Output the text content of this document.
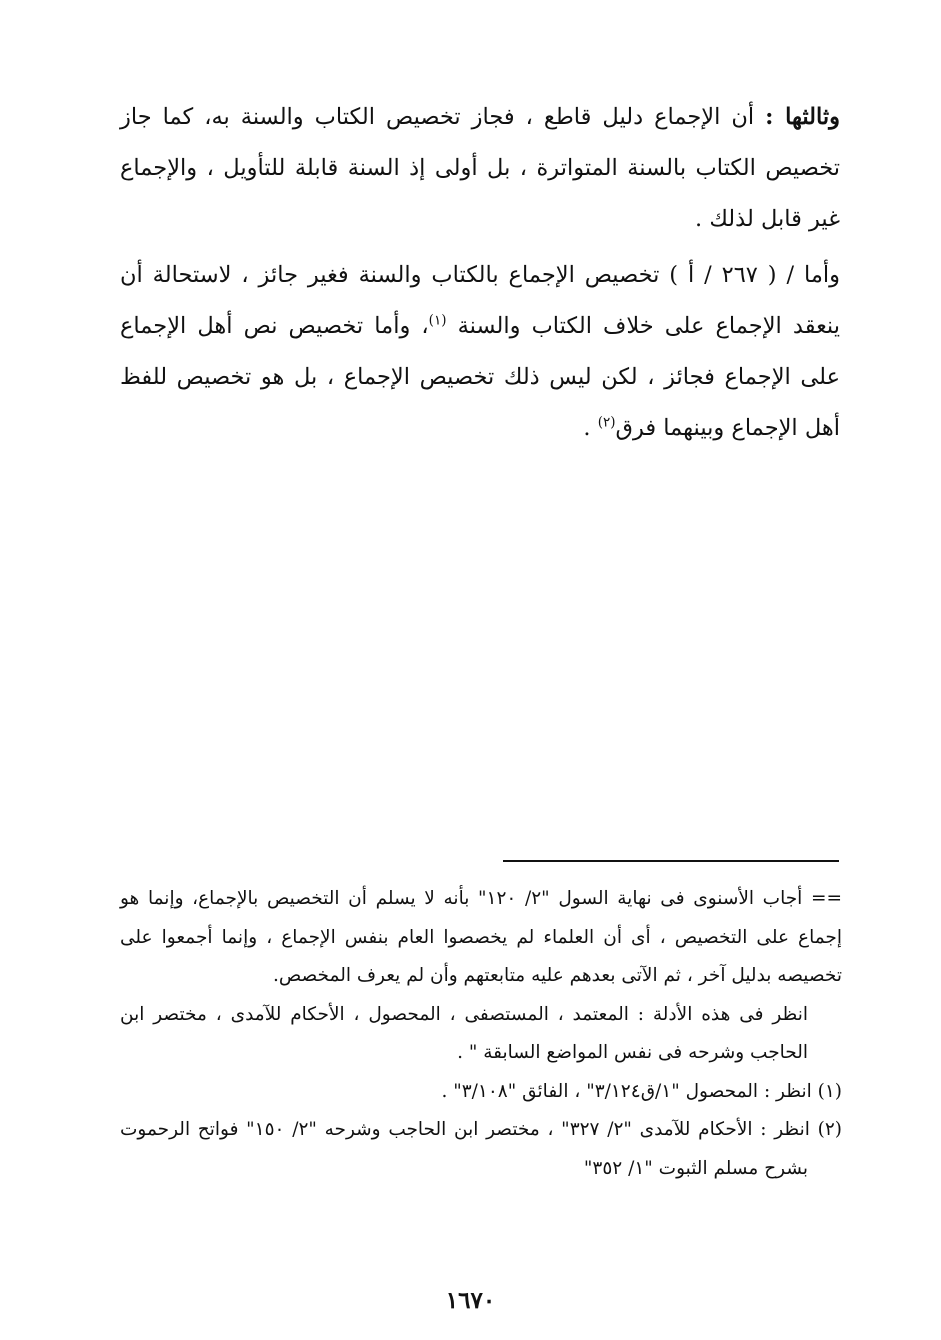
وثالثها : أن الإجماع دليل قاطع ، فجاز تخصيص الكتاب والسنة به، كما جاز تخصيص الكتاب بالسنة المتواترة ، بل أولى إذ السنة قابلة للتأويل ، والإجماع غير قابل لذلك .

وأما / ( ٢٦٧ / أ ) تخصيص الإجماع بالكتاب والسنة فغير جائز ، لاستحالة أن ينعقد الإجماع على خلاف الكتاب والسنة $^{(١)}$، وأما تخصيص نص أهل الإجماع على الإجماع فجائز ، لكن ليس ذلك تخصيص الإجماع ، بل هو تخصيص للفظ أهل الإجماع وبينهما فرق$^{(٢)}$ .

== أجاب الأسنوى فى نهاية السول "٢/ ١٢٠" بأنه لا يسلم أن التخصيص بالإجماع، وإنما هو إجماع على التخصيص ، أى أن العلماء لم يخصصوا العام بنفس الإجماع ، وإنما أجمعوا على تخصيصه بدليل آخر ، ثم الآتى بعدهم عليه متابعتهم وأن لم يعرف المخصص.

انظر فى هذه الأدلة : المعتمد ، المستصفى ، المحصول ، الأحكام للآمدى ، مختصر ابن الحاجب وشرحه فى نفس المواضع السابقة " .

(١) انظر : المحصول "١/ق٣/١٢٤" ، الفائق "٣/١٠٨" .

(٢) انظر : الأحكام للآمدى "٢/ ٣٢٧" ، مختصر ابن الحاجب وشرحه "٢/ ١٥٠" فواتح الرحموت بشرح مسلم الثبوت "١/ ٣٥٢"

١٦٧٠
